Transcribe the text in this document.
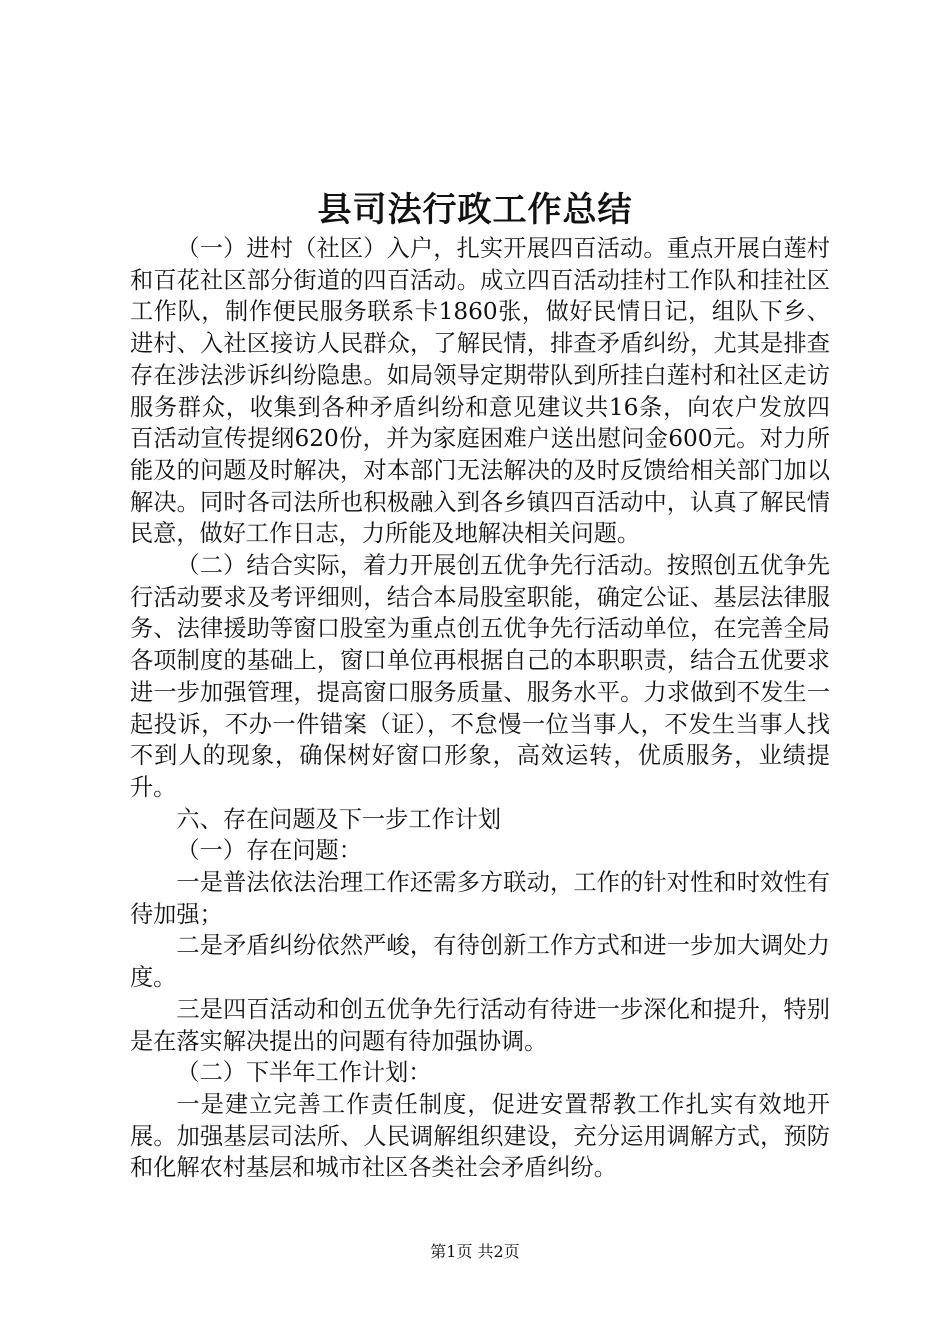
县司法行政工作总结

（一）进村（社区）入户，扎实开展四百活动。重点开展白莲村和百花社区部分街道的四百活动。成立四百活动挂村工作队和挂社区工作队，制作便民服务联系卡1860张，做好民情日记，组队下乡、进村、入社区接访人民群众，了解民情，排查矛盾纠纷，尤其是排查存在涉法涉诉纠纷隐患。如局领导定期带队到所挂白莲村和社区走访服务群众，收集到各种矛盾纠纷和意见建议共16条，向农户发放四百活动宣传提纲620份，并为家庭困难户送出慰问金600元。对力所能及的问题及时解决，对本部门无法解决的及时反馈给相关部门加以解决。同时各司法所也积极融入到各乡镇四百活动中，认真了解民情民意，做好工作日志，力所能及地解决相关问题。

（二）结合实际，着力开展创五优争先行活动。按照创五优争先行活动要求及考评细则，结合本局股室职能，确定公证、基层法律服务、法律援助等窗口股室为重点创五优争先行活动单位，在完善全局各项制度的基础上，窗口单位再根据自己的本职职责，结合五优要求进一步加强管理，提高窗口服务质量、服务水平。力求做到不发生一起投诉，不办一件错案（证），不怠慢一位当事人，不发生当事人找不到人的现象，确保树好窗口形象，高效运转，优质服务，业绩提升。

六、存在问题及下一步工作计划

（一）存在问题：

一是普法依法治理工作还需多方联动，工作的针对性和时效性有待加强；

二是矛盾纠纷依然严峻，有待创新工作方式和进一步加大调处力度。

三是四百活动和创五优争先行活动有待进一步深化和提升，特别是在落实解决提出的问题有待加强协调。

（二）下半年工作计划：

一是建立完善工作责任制度，促进安置帮教工作扎实有效地开展。加强基层司法所、人民调解组织建设，充分运用调解方式，预防和化解农村基层和城市社区各类社会矛盾纠纷。

第1页 共2页
